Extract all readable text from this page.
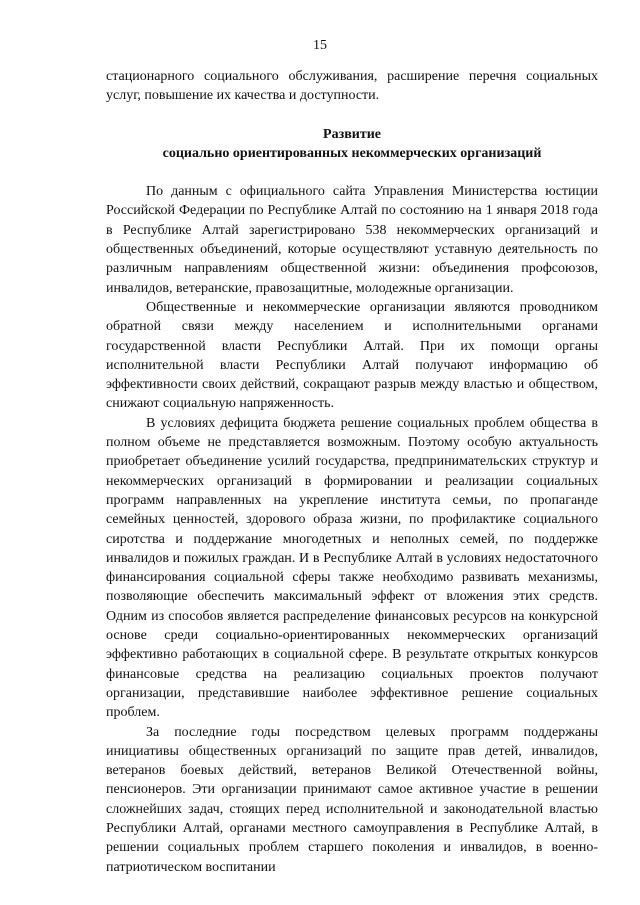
15

стационарного социального обслуживания, расширение перечня социальных услуг, повышение их качества и доступности.

Развитие
социально ориентированных некоммерческих организаций

По данным с официального сайта Управления Министерства юстиции Российской Федерации по Республике Алтай по состоянию на 1 января 2018 года в Республике Алтай зарегистрировано 538 некоммерческих организаций и общественных объединений, которые осуществляют уставную деятельность по различным направлениям общественной жизни: объединения профсоюзов, инвалидов, ветеранские, правозащитные, молодежные организации.

Общественные и некоммерческие организации являются проводником обратной связи между населением и исполнительными органами государственной власти Республики Алтай. При их помощи органы исполнительной власти Республики Алтай получают информацию об эффективности своих действий, сокращают разрыв между властью и обществом, снижают социальную напряженность.

В условиях дефицита бюджета решение социальных проблем общества в полном объеме не представляется возможным. Поэтому особую актуальность приобретает объединение усилий государства, предпринимательских структур и некоммерческих организаций в формировании и реализации социальных программ направленных на укрепление института семьи, по пропаганде семейных ценностей, здорового образа жизни, по профилактике социального сиротства и поддержание многодетных и неполных семей, по поддержке инвалидов и пожилых граждан. И в Республике Алтай в условиях недостаточного финансирования социальной сферы также необходимо развивать механизмы, позволяющие обеспечить максимальный эффект от вложения этих средств. Одним из способов является распределение финансовых ресурсов на конкурсной основе среди социально-ориентированных некоммерческих организаций эффективно работающих в социальной сфере. В результате открытых конкурсов финансовые средства на реализацию социальных проектов получают организации, представившие наиболее эффективное решение социальных проблем.

За последние годы посредством целевых программ поддержаны инициативы общественных организаций по защите прав детей, инвалидов, ветеранов боевых действий, ветеранов Великой Отечественной войны, пенсионеров. Эти организации принимают самое активное участие в решении сложнейших задач, стоящих перед исполнительной и законодательной властью Республики Алтай, органами местного самоуправления в Республике Алтай, в решении социальных проблем старшего поколения и инвалидов, в военно-патриотическом воспитании
